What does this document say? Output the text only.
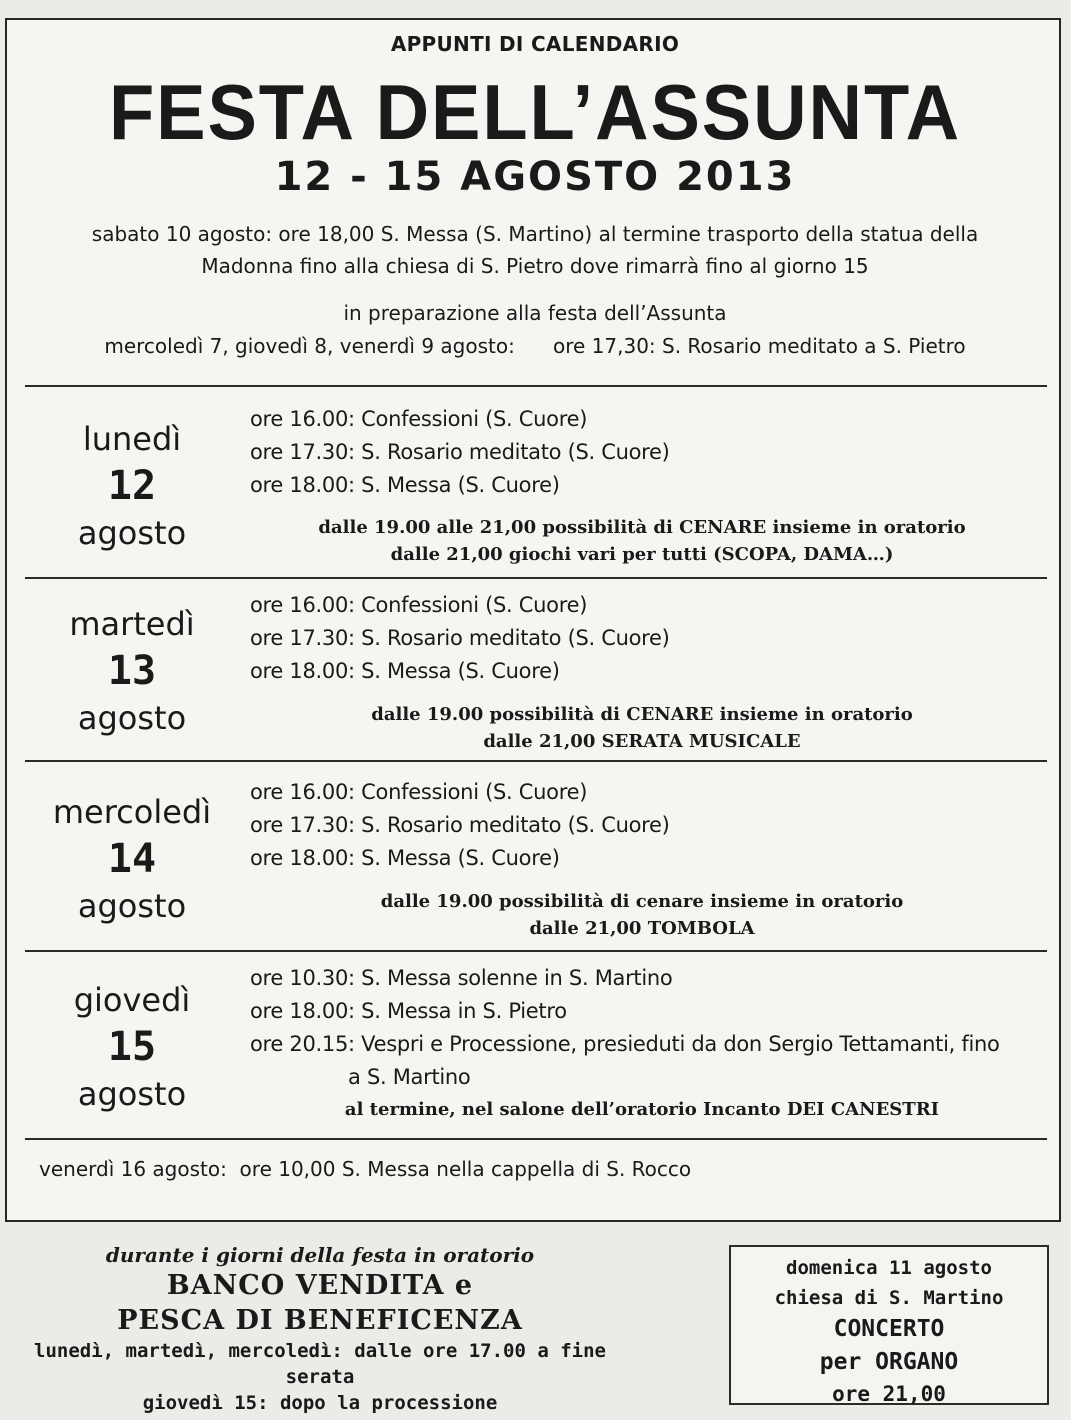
APPUNTI DI CALENDARIO
FESTA DELL’ASSUNTA
12 - 15 AGOSTO 2013
sabato 10 agosto: ore 18,00 S. Messa (S. Martino) al termine trasporto della statua della
Madonna fino alla chiesa di S. Pietro dove rimarrà fino al giorno 15
in preparazione alla festa dell’Assunta
mercoledì 7, giovedì 8, venerdì 9 agosto:      ore 17,30: S. Rosario meditato a S. Pietro
lunedì
12
agosto
ore 16.00: Confessioni (S. Cuore)
ore 17.30: S. Rosario meditato (S. Cuore)
ore 18.00: S. Messa (S. Cuore)
dalle 19.00 alle 21,00 possibilità di CENARE insieme in oratorio
dalle 21,00 giochi vari per tutti (SCOPA, DAMA…)
martedì
13
agosto
ore 16.00: Confessioni (S. Cuore)
ore 17.30: S. Rosario meditato (S. Cuore)
ore 18.00: S. Messa (S. Cuore)
dalle 19.00 possibilità di CENARE insieme in oratorio
dalle 21,00 SERATA MUSICALE
mercoledì
14
agosto
ore 16.00: Confessioni (S. Cuore)
ore 17.30: S. Rosario meditato (S. Cuore)
ore 18.00: S. Messa (S. Cuore)
dalle 19.00 possibilità di cenare insieme in oratorio
dalle 21,00 TOMBOLA
giovedì
15
agosto
ore 10.30: S. Messa solenne in S. Martino
ore 18.00: S. Messa in S. Pietro
ore 20.15: Vespri e Processione, presieduti da don Sergio Tettamanti, fino
a S. Martino
al termine, nel salone dell’oratorio Incanto DEI CANESTRI
venerdì 16 agosto:  ore 10,00 S. Messa nella cappella di S. Rocco
durante i giorni della festa in oratorio
BANCO VENDITA e
PESCA DI BENEFICENZA
lunedì, martedì, mercoledì: dalle ore 17.00 a fine serata
giovedì 15: dopo la processione
domenica 11 agosto
chiesa di S. Martino
CONCERTO
per ORGANO
ore 21,00
